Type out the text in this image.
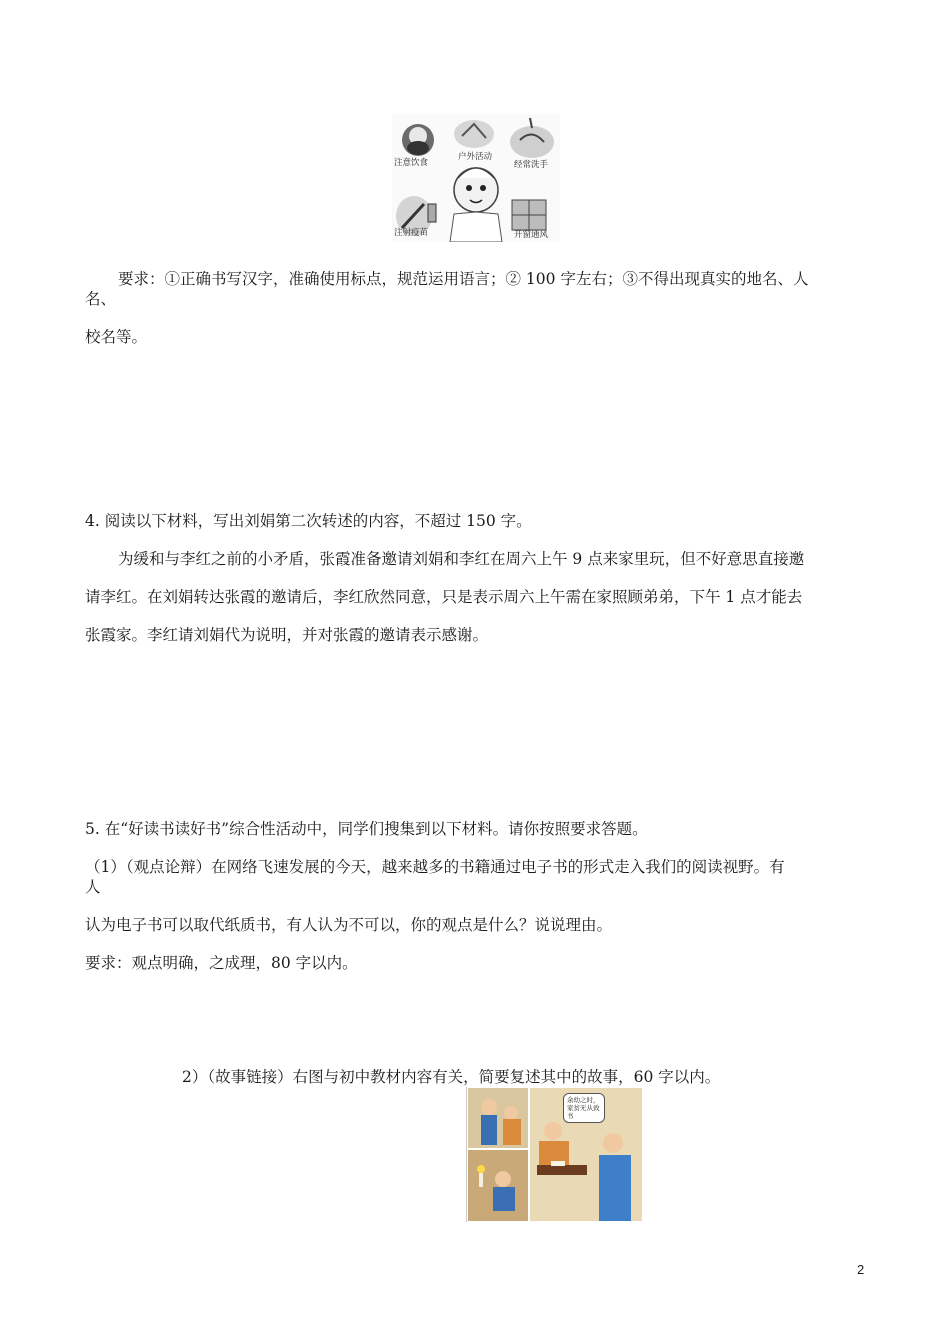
注意饮食
户外活动
经常洗手
注射疫苗	开窗通风
要求：①正确书写汉字，准确使用标点，规范运用语言；② 100 字左右；③不得出现真实的地名、人
名、
校名等。
4. 阅读以下材料，写出刘娟第二次转述的内容，不超过 150 字。
为缓和与李红之前的小矛盾，张霞准备邀请刘娟和李红在周六上午 9 点来家里玩，但不好意思直接邀
请李红。在刘娟转达张霞的邀请后，李红欣然同意，只是表示周六上午需在家照顾弟弟，下午 1 点才能去
张霞家。李红请刘娟代为说明，并对张霞的邀请表示感谢。
5. 在“好读书读好书”综合性活动中，同学们搜集到以下材料。请你按照要求答题。
（1）（观点论辩）在网络飞速发展的今天，越来越多的书籍通过电子书的形式走入我们的阅读视野。有
人
认为电子书可以取代纸质书，有人认为不可以，你的观点是什么？说说理由。
要求：观点明确，之成理，80 字以内。
2）（故事链接）右图与初中教材内容有关，简要复述其中的故事，60 字以内。
余幼之时，家贫无从致书
2
